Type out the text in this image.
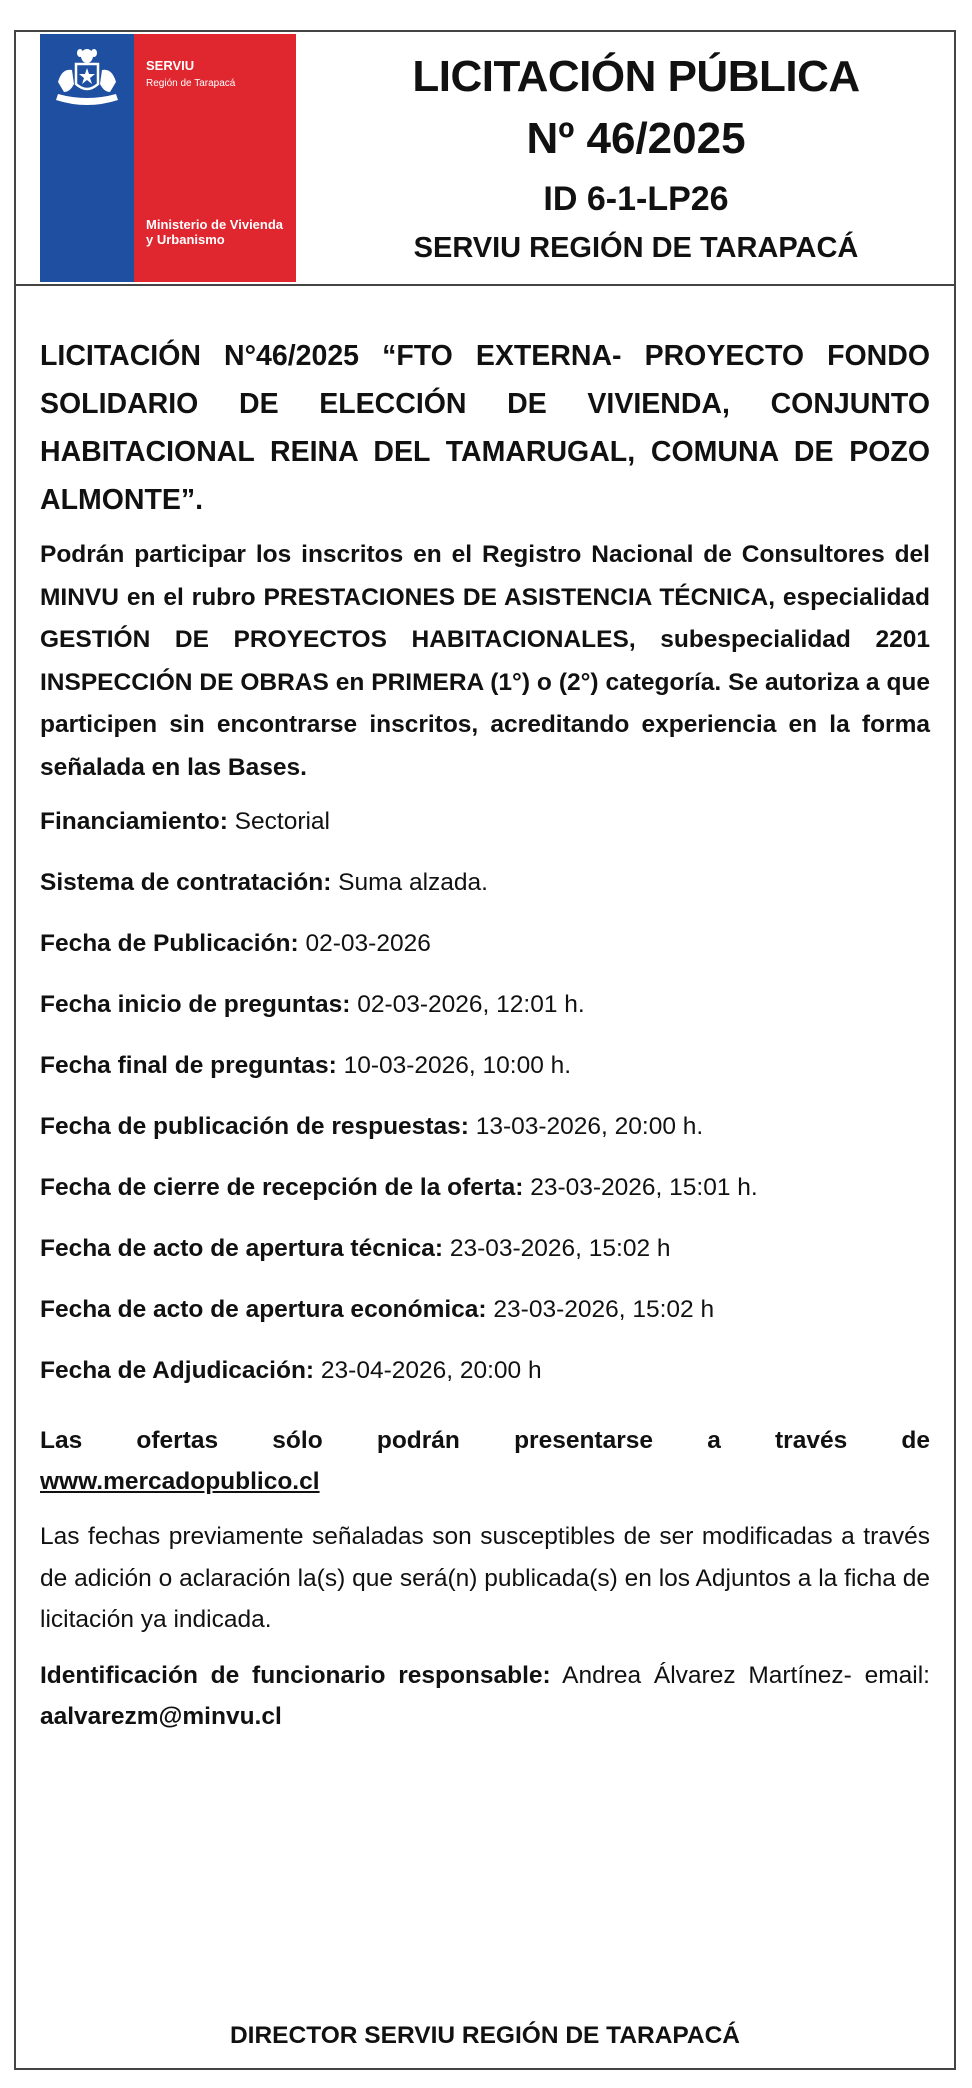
SERVIU
Región de Tarapacá
Ministerio de Vivienda y Urbanismo
LICITACIÓN PÚBLICA
Nº 46/2025
ID 6-1-LP26
SERVIU REGIÓN DE TARAPACÁ

LICITACIÓN N°46/2025 “FTO EXTERNA- PROYECTO FONDO SOLIDARIO DE ELECCIÓN DE VIVIENDA, CONJUNTO HABITACIONAL REINA DEL TAMARUGAL, COMUNA DE POZO ALMONTE”.

Podrán participar los inscritos en el Registro Nacional de Consultores del MINVU en el rubro PRESTACIONES DE ASISTENCIA TÉCNICA, especialidad GESTIÓN DE PROYECTOS HABITACIONALES, subespecialidad 2201 INSPECCIÓN DE OBRAS en PRIMERA (1°) o (2°) categoría. Se autoriza a que participen sin encontrarse inscritos, acreditando experiencia en la forma señalada en las Bases.

Financiamiento: Sectorial

Sistema de contratación: Suma alzada.

Fecha de Publicación: 02-03-2026

Fecha inicio de preguntas: 02-03-2026, 12:01 h.

Fecha final de preguntas: 10-03-2026, 10:00 h.

Fecha de publicación de respuestas: 13-03-2026, 20:00 h.

Fecha de cierre de recepción de la oferta: 23-03-2026, 15:01 h.

Fecha de acto de apertura técnica: 23-03-2026, 15:02 h

Fecha de acto de apertura económica: 23-03-2026, 15:02 h

Fecha de Adjudicación: 23-04-2026, 20:00 h

Las ofertas sólo podrán presentarse a través de
www.mercadopublico.cl

Las fechas previamente señaladas son susceptibles de ser modificadas a través de adición o aclaración la(s) que será(n) publicada(s) en los Adjuntos a la ficha de licitación ya indicada.

Identificación de funcionario responsable: Andrea Álvarez Martínez- email: aalvarezm@minvu.cl

DIRECTOR SERVIU REGIÓN DE TARAPACÁ
